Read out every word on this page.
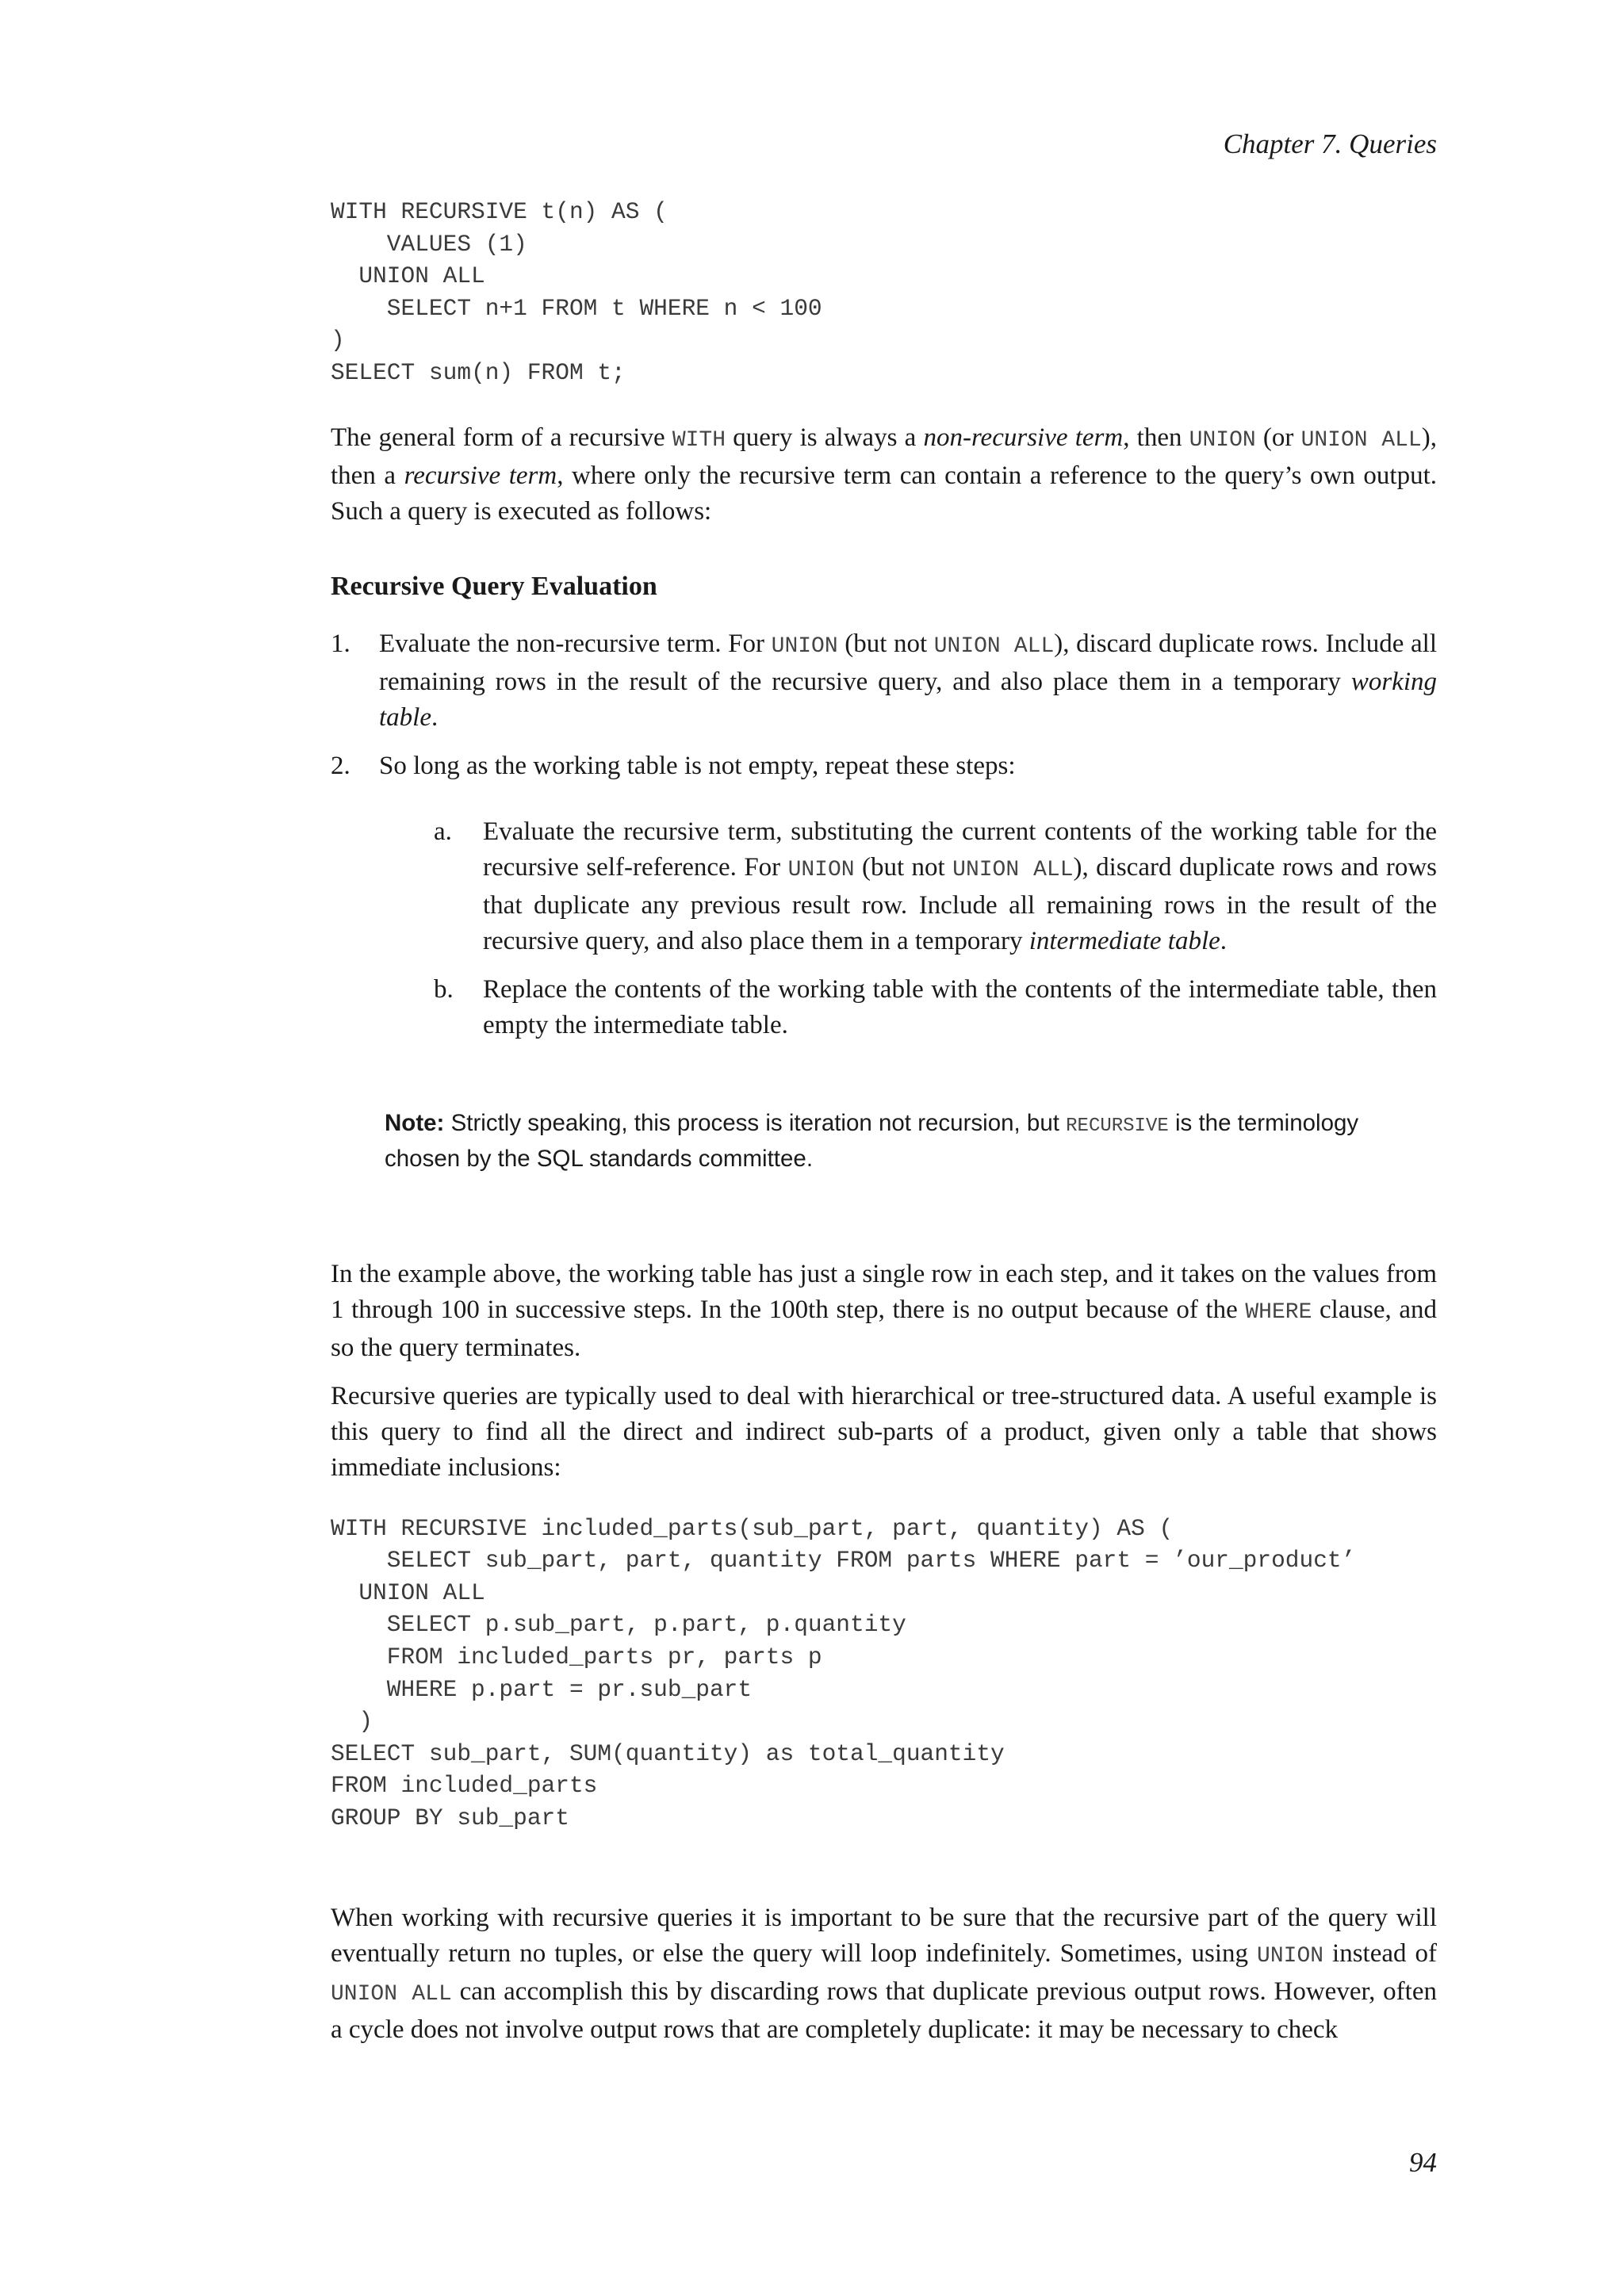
Chapter 7. Queries
WITH RECURSIVE t(n) AS (
VALUES (1)
UNION ALL
SELECT n+1 FROM t WHERE n < 100
)
SELECT sum(n) FROM t;

The general form of a recursive WITH query is always a non-recursive term, then UNION (or UNION ALL), then a recursive term, where only the recursive term can contain a reference to the query’s own output. Such a query is executed as follows:

Recursive Query Evaluation
1. Evaluate the non-recursive term. For UNION (but not UNION ALL), discard duplicate rows. Include all remaining rows in the result of the recursive query, and also place them in a temporary working table.
2. So long as the working table is not empty, repeat these steps:
a. Evaluate the recursive term, substituting the current contents of the working table for the recursive self-reference. For UNION (but not UNION ALL), discard duplicate rows and rows that duplicate any previous result row. Include all remaining rows in the result of the recursive query, and also place them in a temporary intermediate table.
b. Replace the contents of the working table with the contents of the intermediate table, then empty the intermediate table.
Note: Strictly speaking, this process is iteration not recursion, but RECURSIVE is the terminology chosen by the SQL standards committee.

In the example above, the working table has just a single row in each step, and it takes on the values from 1 through 100 in successive steps. In the 100th step, there is no output because of the WHERE clause, and so the query terminates.

Recursive queries are typically used to deal with hierarchical or tree-structured data. A useful example is this query to find all the direct and indirect sub-parts of a product, given only a table that shows immediate inclusions:

WITH RECURSIVE included_parts(sub_part, part, quantity) AS (
SELECT sub_part, part, quantity FROM parts WHERE part = ’our_product’
UNION ALL
SELECT p.sub_part, p.part, p.quantity
FROM included_parts pr, parts p
WHERE p.part = pr.sub_part
)
SELECT sub_part, SUM(quantity) as total_quantity
FROM included_parts
GROUP BY sub_part

When working with recursive queries it is important to be sure that the recursive part of the query will eventually return no tuples, or else the query will loop indefinitely. Sometimes, using UNION instead of UNION ALL can accomplish this by discarding rows that duplicate previous output rows. However, often a cycle does not involve output rows that are completely duplicate: it may be necessary to check

94
